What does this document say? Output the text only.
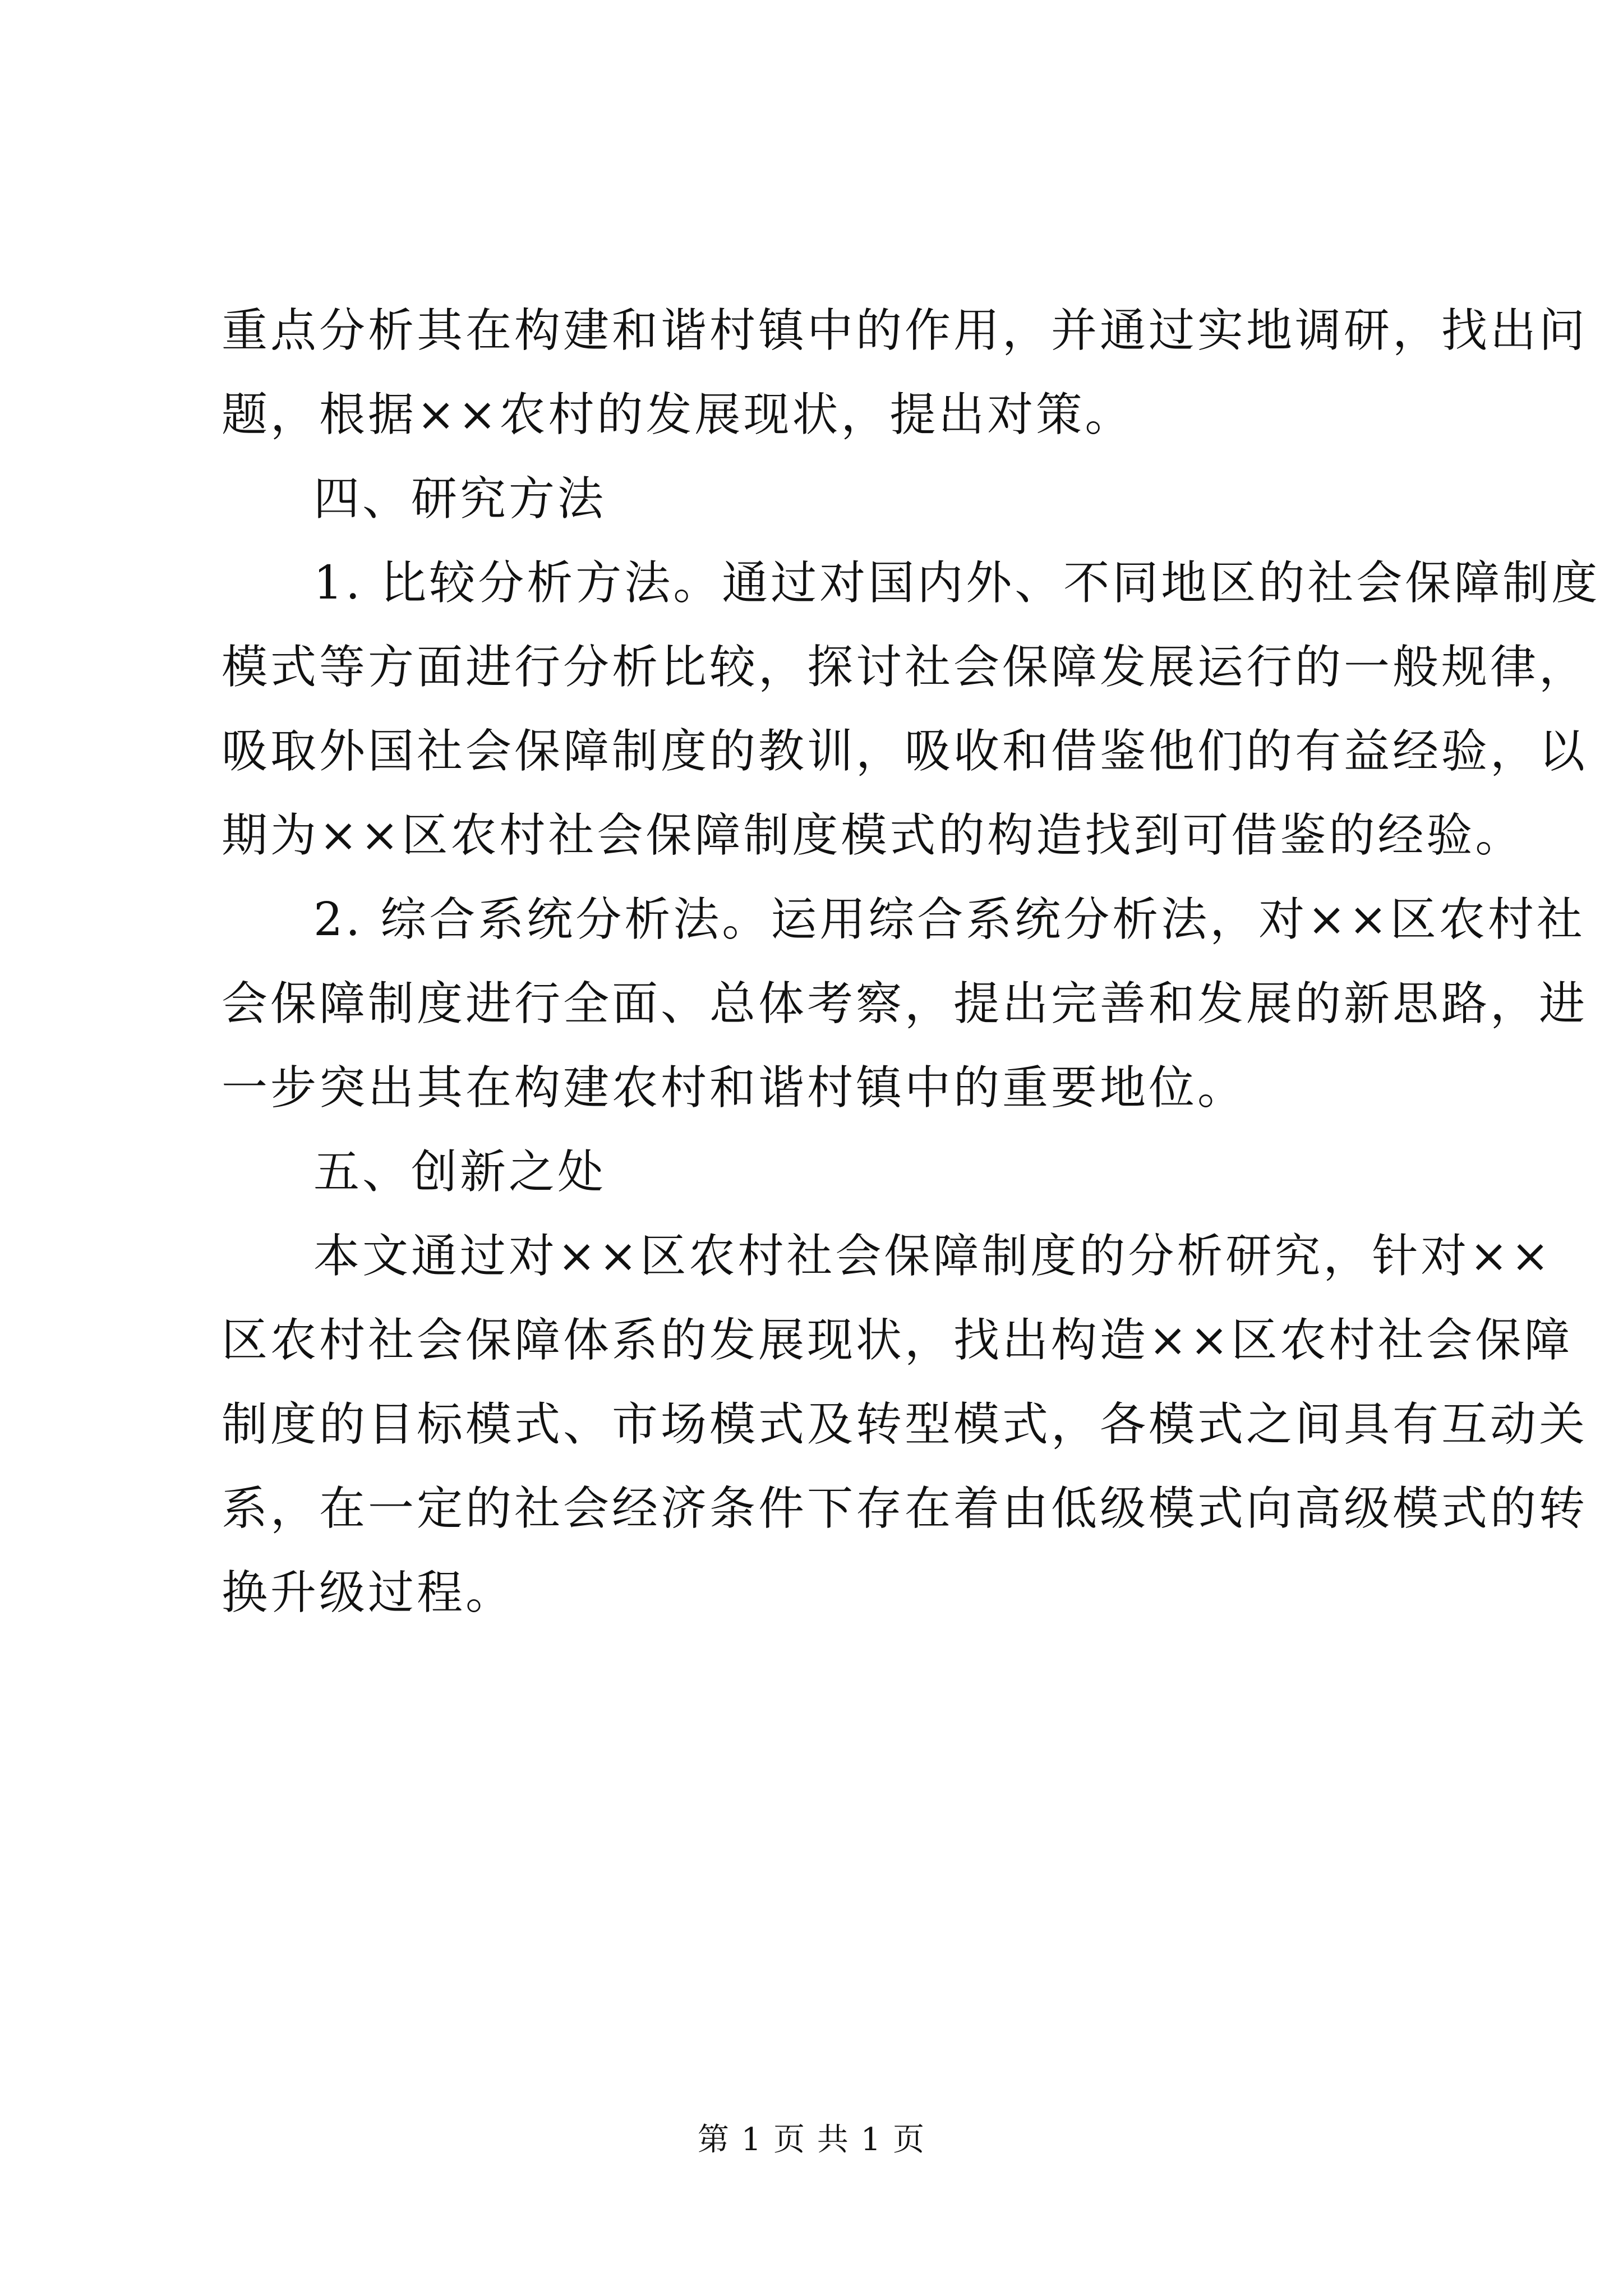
重点分析其在构建和谐村镇中的作用，并通过实地调研，找出问
题，根据××农村的发展现状，提出对策。
四、研究方法
1. 比较分析方法。通过对国内外、不同地区的社会保障制度
模式等方面进行分析比较，探讨社会保障发展运行的一般规律，
吸取外国社会保障制度的教训，吸收和借鉴他们的有益经验，以
期为××区农村社会保障制度模式的构造找到可借鉴的经验。
2. 综合系统分析法。运用综合系统分析法，对××区农村社
会保障制度进行全面、总体考察，提出完善和发展的新思路，进
一步突出其在构建农村和谐村镇中的重要地位。
五、创新之处
本文通过对××区农村社会保障制度的分析研究，针对××
区农村社会保障体系的发展现状，找出构造××区农村社会保障
制度的目标模式、市场模式及转型模式，各模式之间具有互动关
系，在一定的社会经济条件下存在着由低级模式向高级模式的转
换升级过程。
第 1 页 共 1 页
